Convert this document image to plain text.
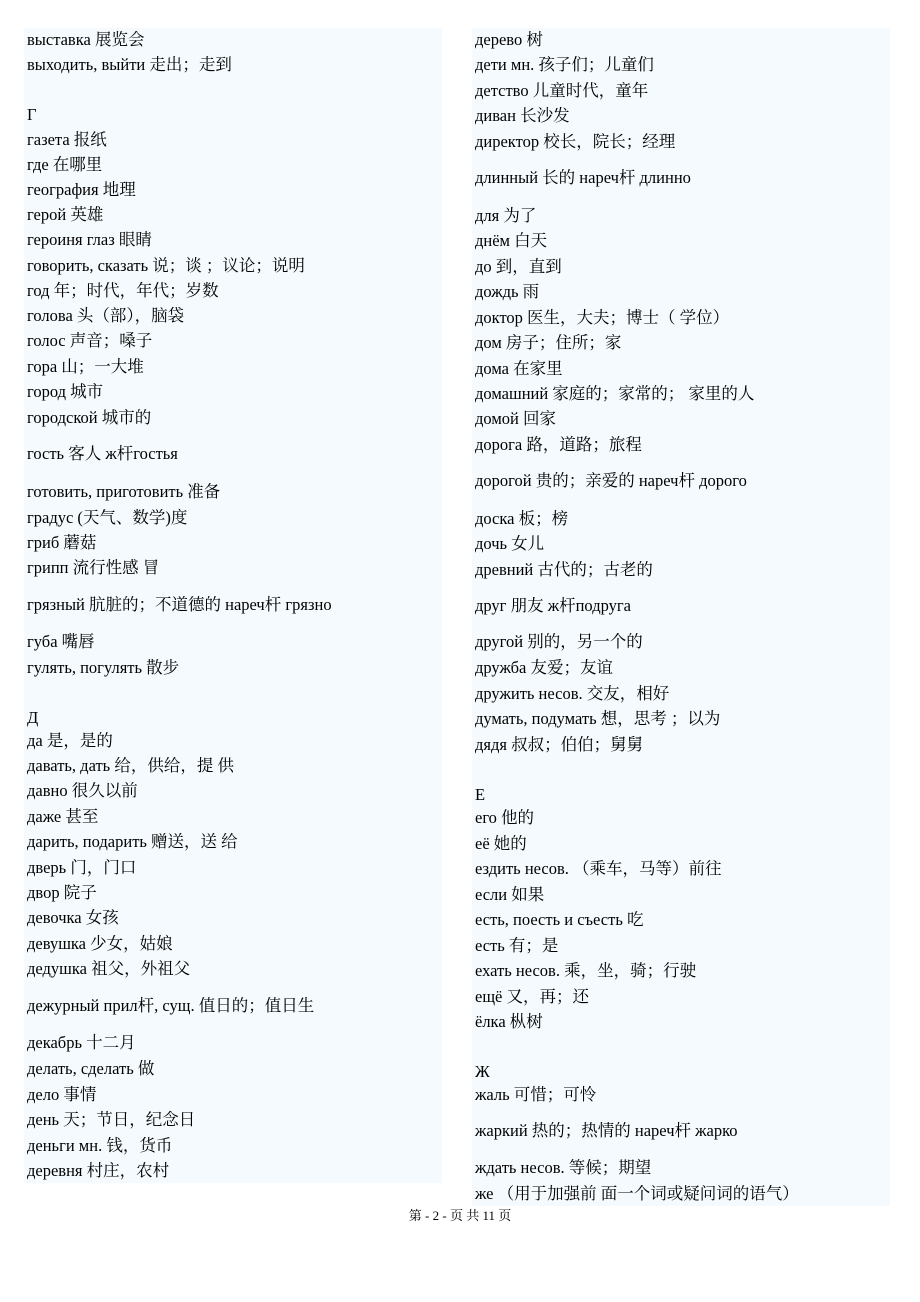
выставка 展览会
выходить, выйти 走出；走到
Г
газета 报纸
где 在哪里
география 地理
герой 英雄
героиня глаз 眼睛
говорить, сказать 说；谈 ；议论；说明
год 年；时代，年代；岁数
голова 头（部），脑袋
голос 声音；嗓子
гора 山；一大堆
город 城市
городской 城市的
гость 客人 ж杆гостья
готовить, приготовить 准备
градус (天气、数学)度
гриб 蘑菇
грипп 流行性感 冒
грязный 肮脏的；不道德的 нареч杆 грязно
губа 嘴唇
гулять, погулять 散步
Д
да 是，是的
давать, дать 给，供给，提 供
давно 很久以前
даже 甚至
дарить, подарить 赠送，送 给
дверь 门，门口
двор 院子
девочка 女孩
девушка 少女，姑娘
дедушка 祖父，外祖父
дежурный прил杆, сущ. 值日的；值日生
декабрь 十二月
делать, сделать 做
дело 事情
день 天；节日，纪念日
деньги мн. 钱，货币
деревня 村庄，农村
дерево 树
дети мн. 孩子们；儿童们
детство 儿童时代，童年
диван 长沙发
директор 校长，院长；经理
длинный 长的 нареч杆 длинно
для 为了
днём 白天
до 到，直到
дождь 雨
доктор 医生，大夫；博士（ 学位）
дом 房子；住所；家
дома 在家里
домашний 家庭的；家常的； 家里的人
домой 回家
дорога 路，道路；旅程
дорогой 贵的；亲爱的 нареч杆 дорого
доска 板；榜
дочь 女儿
древний 古代的；古老的
друг 朋友 ж杆подруга
другой 别的，另一个的
дружба 友爱；友谊
дружить несов. 交友，相好
думать, подумать 想，思考 ；以为
дядя 叔叔；伯伯；舅舅
Е
его 他的
её 她的
ездить несов. （乘车，马等）前往
если 如果
есть, поесть и съесть 吃
есть 有；是
ехать несов. 乘，坐，骑；行驶
ещё 又，再；还
ёлка 枞树
Ж
жаль 可惜；可怜
жаркий 热的；热情的 нареч杆 жарко
ждать несов. 等候；期望
же （用于加强前 面一个词或疑问词的语气）
第 - 2 - 页 共 11 页
